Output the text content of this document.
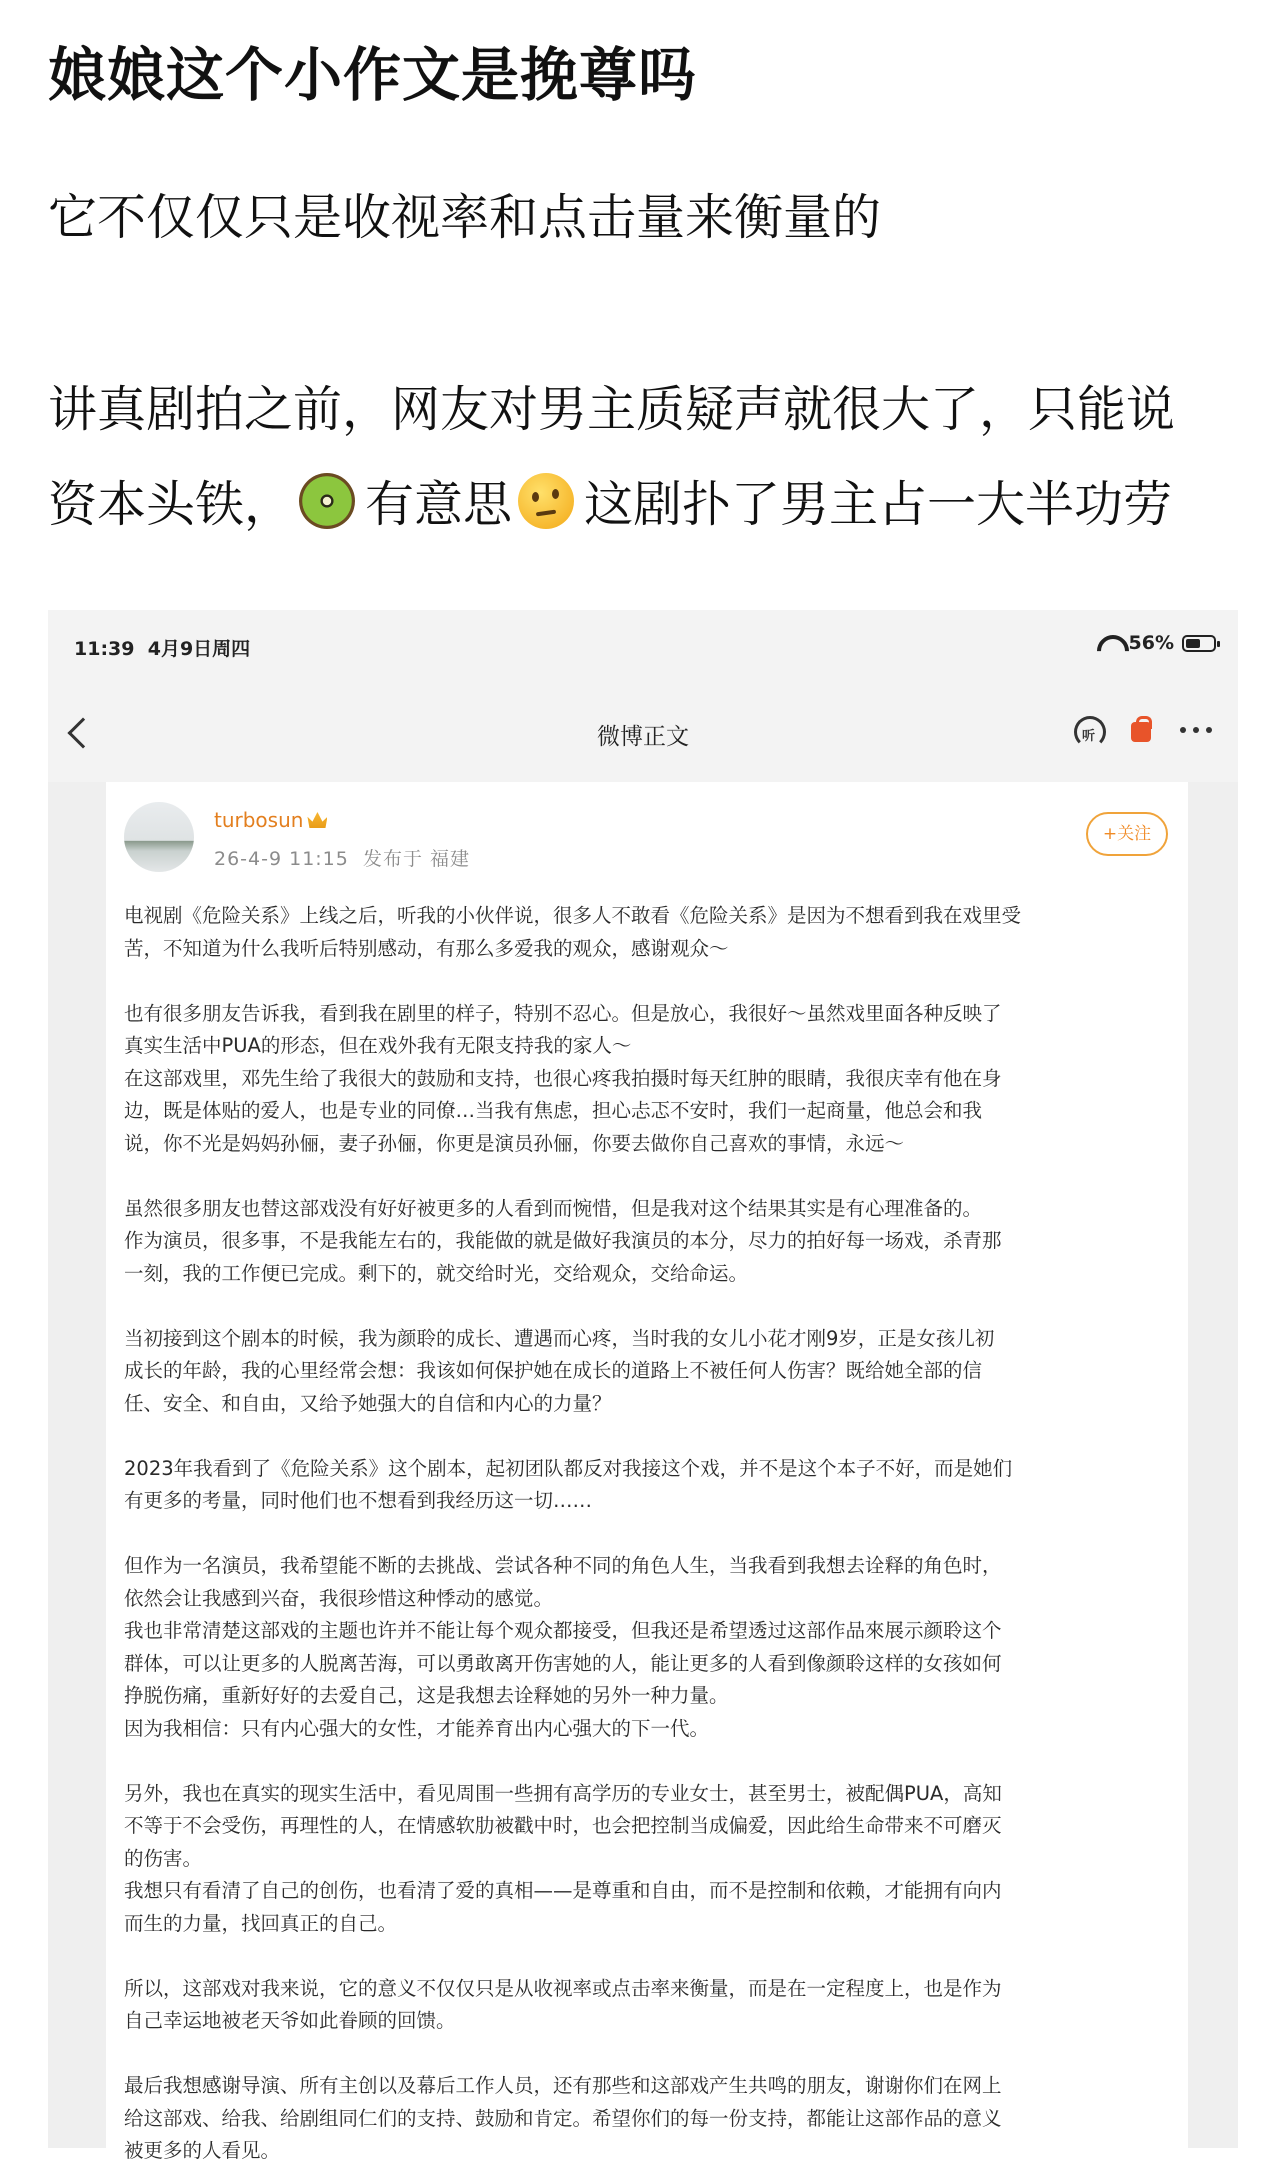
娘娘这个小作文是挽尊吗
它不仅仅只是收视率和点击量来衡量的
讲真剧拍之前，网友对男主质疑声就很大了，只能说
资本头铁， 有意思 这剧扑了男主占一大半功劳
11:39 4月9日周四	56%
微博正文	听
turbosun
26-4-9 11:15 发布于 福建
+关注

电视剧《危险关系》上线之后，听我的小伙伴说，很多人不敢看《危险关系》是因为不想看到我在戏里受

苦，不知道为什么我听后特别感动，有那么多爱我的观众，感谢观众～

也有很多朋友告诉我，看到我在剧里的样子，特别不忍心。但是放心，我很好～虽然戏里面各种反映了

真实生活中PUA的形态，但在戏外我有无限支持我的家人～

在这部戏里，邓先生给了我很大的鼓励和支持，也很心疼我拍摄时每天红肿的眼睛，我很庆幸有他在身

边，既是体贴的爱人，也是专业的同僚…当我有焦虑，担心忐忑不安时，我们一起商量，他总会和我

说，你不光是妈妈孙俪，妻子孙俪，你更是演员孙俪，你要去做你自己喜欢的事情，永远～

虽然很多朋友也替这部戏没有好好被更多的人看到而惋惜，但是我对这个结果其实是有心理准备的。

作为演员，很多事，不是我能左右的，我能做的就是做好我演员的本分，尽力的拍好每一场戏，杀青那

一刻，我的工作便已完成。剩下的，就交给时光，交给观众，交给命运。

当初接到这个剧本的时候，我为颜聆的成长、遭遇而心疼，当时我的女儿小花才刚9岁，正是女孩儿初

成长的年龄，我的心里经常会想：我该如何保护她在成长的道路上不被任何人伤害？既给她全部的信

任、安全、和自由，又给予她强大的自信和内心的力量？

2023年我看到了《危险关系》这个剧本，起初团队都反对我接这个戏，并不是这个本子不好，而是她们

有更多的考量，同时他们也不想看到我经历这一切……

但作为一名演员，我希望能不断的去挑战、尝试各种不同的角色人生，当我看到我想去诠释的角色时，

依然会让我感到兴奋，我很珍惜这种悸动的感觉。

我也非常清楚这部戏的主题也许并不能让每个观众都接受，但我还是希望透过这部作品來展示颜聆这个

群体，可以让更多的人脱离苦海，可以勇敢离开伤害她的人，能让更多的人看到像颜聆这样的女孩如何

挣脱伤痛，重新好好的去爱自己，这是我想去诠释她的另外一种力量。

因为我相信：只有内心强大的女性，才能养育出内心强大的下一代。

另外，我也在真实的现实生活中，看见周围一些拥有高学历的专业女士，甚至男士，被配偶PUA，高知

不等于不会受伤，再理性的人，在情感软肋被戳中时，也会把控制当成偏爱，因此给生命带来不可磨灭

的伤害。

我想只有看清了自己的创伤，也看清了爱的真相——是尊重和自由，而不是控制和依赖，才能拥有向内

而生的力量，找回真正的自己。

所以，这部戏对我来说，它的意义不仅仅只是从收视率或点击率来衡量，而是在一定程度上，也是作为

自己幸运地被老天爷如此眷顾的回馈。

最后我想感谢导演、所有主创以及幕后工作人员，还有那些和这部戏产生共鸣的朋友，谢谢你们在网上

给这部戏、给我、给剧组同仁们的支持、鼓励和肯定。希望你们的每一份支持，都能让这部作品的意义

被更多的人看见。
